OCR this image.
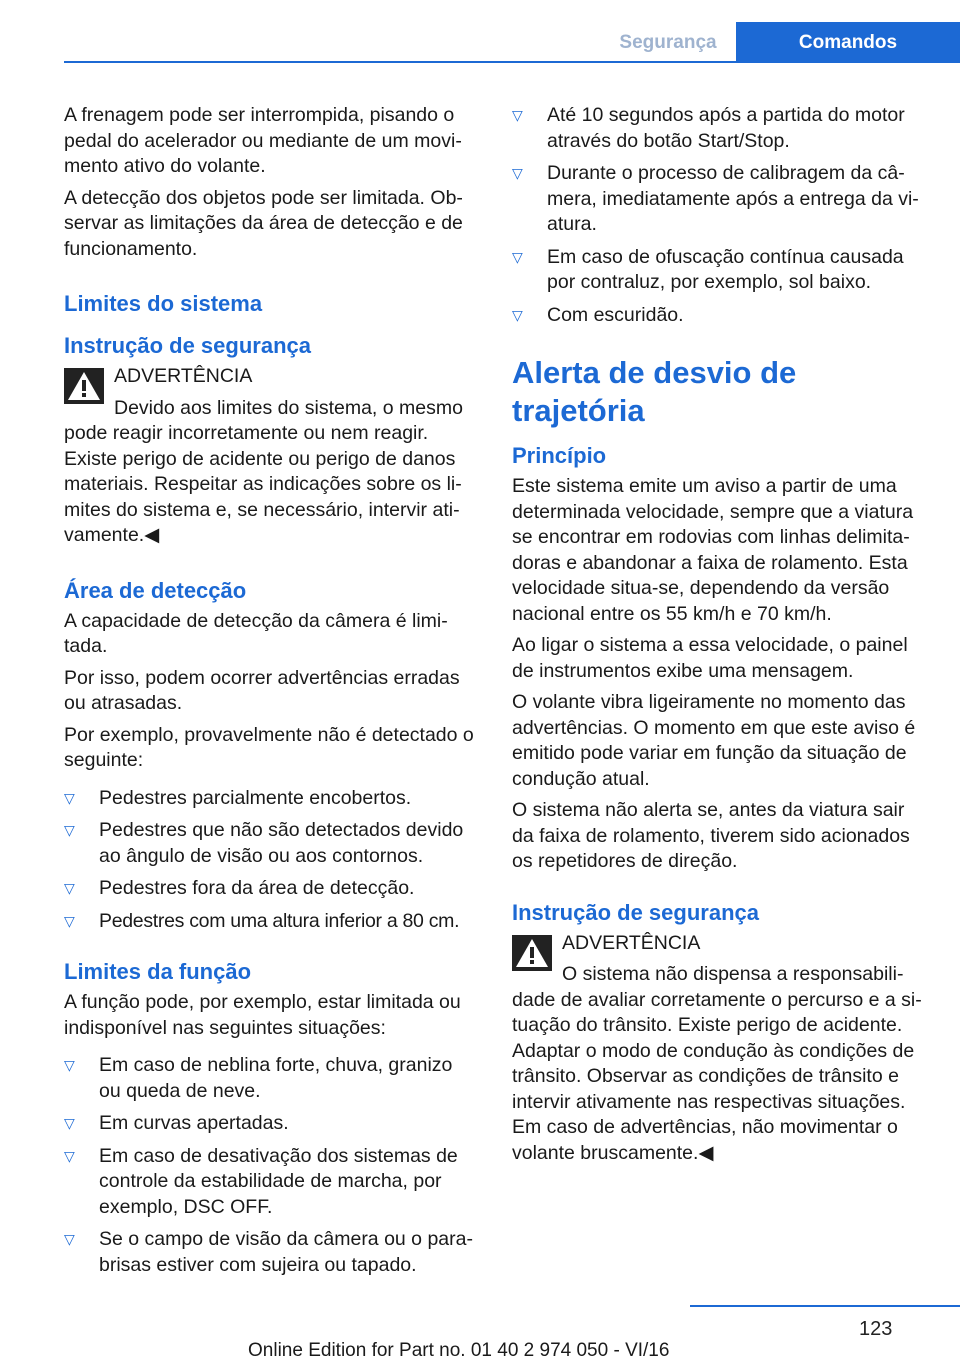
Segurança	Comandos

A frenagem pode ser interrompida, pisando o pedal do acelerador ou mediante de um movimento ativo do volante.

A detecção dos objetos pode ser limitada. Observar as limitações da área de detecção e de funcionamento.

Limites do sistema
Instrução de segurança
ADVERTÊNCIA

Devido aos limites do sistema, o mesmo pode reagir incorretamente ou nem reagir. Existe perigo de acidente ou perigo de danos materiais. Respeitar as indicações sobre os limites do sistema e, se necessário, intervir ativamente.◀

Área de detecção

A capacidade de detecção da câmera é limitada.

Por isso, podem ocorrer advertências erradas ou atrasadas.

Por exemplo, provavelmente não é detectado o seguinte:

▽ Pedestres parcialmente encobertos.
▽ Pedestres que não são detectados devido ao ângulo de visão ou aos contornos.
▽ Pedestres fora da área de detecção.
▽ Pedestres com uma altura inferior a 80 cm.
Limites da função

A função pode, por exemplo, estar limitada ou indisponível nas seguintes situações:

▽ Em caso de neblina forte, chuva, granizo ou queda de neve.
▽ Em curvas apertadas.
▽ Em caso de desativação dos sistemas de controle da estabilidade de marcha, por exemplo, DSC OFF.
▽ Se o campo de visão da câmera ou o para-brisas estiver com sujeira ou tapado.
▽ Até 10 segundos após a partida do motor através do botão Start/Stop.
▽ Durante o processo de calibragem da câmera, imediatamente após a entrega da viatura.
▽ Em caso de ofuscação contínua causada por contraluz, por exemplo, sol baixo.
▽ Com escuridão.
Alerta de desvio de trajetória
Princípio

Este sistema emite um aviso a partir de uma determinada velocidade, sempre que a viatura se encontrar em rodovias com linhas delimitadoras e abandonar a faixa de rolamento. Esta velocidade situa-se, dependendo da versão nacional entre os 55 km/h e 70 km/h.

Ao ligar o sistema a essa velocidade, o painel de instrumentos exibe uma mensagem.

O volante vibra ligeiramente no momento das advertências. O momento em que este aviso é emitido pode variar em função da situação de condução atual.

O sistema não alerta se, antes da viatura sair da faixa de rolamento, tiverem sido acionados os repetidores de direção.

Instrução de segurança
ADVERTÊNCIA

O sistema não dispensa a responsabilidade de avaliar corretamente o percurso e a situação do trânsito. Existe perigo de acidente. Adaptar o modo de condução às condições de trânsito. Observar as condições de trânsito e intervir ativamente nas respectivas situações. Em caso de advertências, não movimentar o volante bruscamente.◀

123
Online Edition for Part no. 01 40 2 974 050 - VI/16
